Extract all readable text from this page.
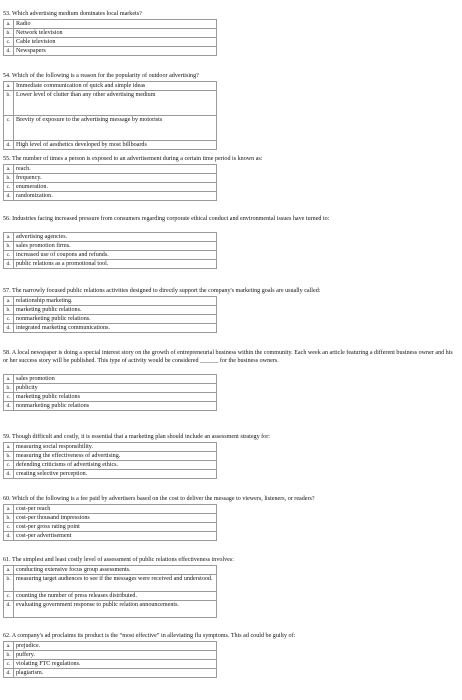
53. Which advertising medium dominates local markets?

a. Radio
b. Network television
c. Cable television
d. Newspapers

54. Which of the following is a reason for the popularity of outdoor advertising?

a. Immediate communication of quick and simple ideas
b. Lower level of clutter than any other advertising medium
c. Brevity of exposure to the advertising message by motorists
d. High level of aesthetics developed by most billboards

55. The number of times a person is exposed to an advertisement during a certain time period is known as:

a. reach.
b. frequency.
c. enumeration.
d. randomization.

56. Industries facing increased pressure from consumers regarding corporate ethical conduct and environmental issues have turned to:

a. advertising agencies.
b. sales promotion firms.
c. increased use of coupons and refunds.
d. public relations as a promotional tool.

57. The narrowly focused public relations activities designed to directly support the company's marketing goals are usually called:

a. relationship marketing.
b. marketing public relations.
c. nonmarketing public relations.
d. integrated marketing communications.

58. A local newspaper is doing a special interest story on the growth of entrepreneurial business within the community. Each week an article featuring a different business owner and his or her success story will be published. This type of activity would be considered ______ for the business owners.

a. sales promotion
b. publicity
c. marketing public relations
d. nonmarketing public relations

59. Though difficult and costly, it is essential that a marketing plan should include an assessment strategy for:

a. measuring social responsibility.
b. measuring the effectiveness of advertising.
c. defending criticisms of advertising ethics.
d. creating selective perception.

60. Which of the following is a fee paid by advertisers based on the cost to deliver the message to viewers, listeners, or readers?

a. cost-per reach
b. cost-per thousand impressions
c. cost-per gross rating point
d. cost-per advertisement

61. The simplest and least costly level of assessment of public relations effectiveness involves:

a. conducting extensive focus group assessments.
b. measuring target audiences to see if the messages were received and understood.
c. counting the number of press releases distributed.
d. evaluating government response to public relation announcements.

62. A company's ad proclaims its product is the “most effective” in alleviating flu symptoms. This ad could be guilty of:

a. prejudice.
b. puffery.
c. violating FTC regulations.
d. plagiarism.
